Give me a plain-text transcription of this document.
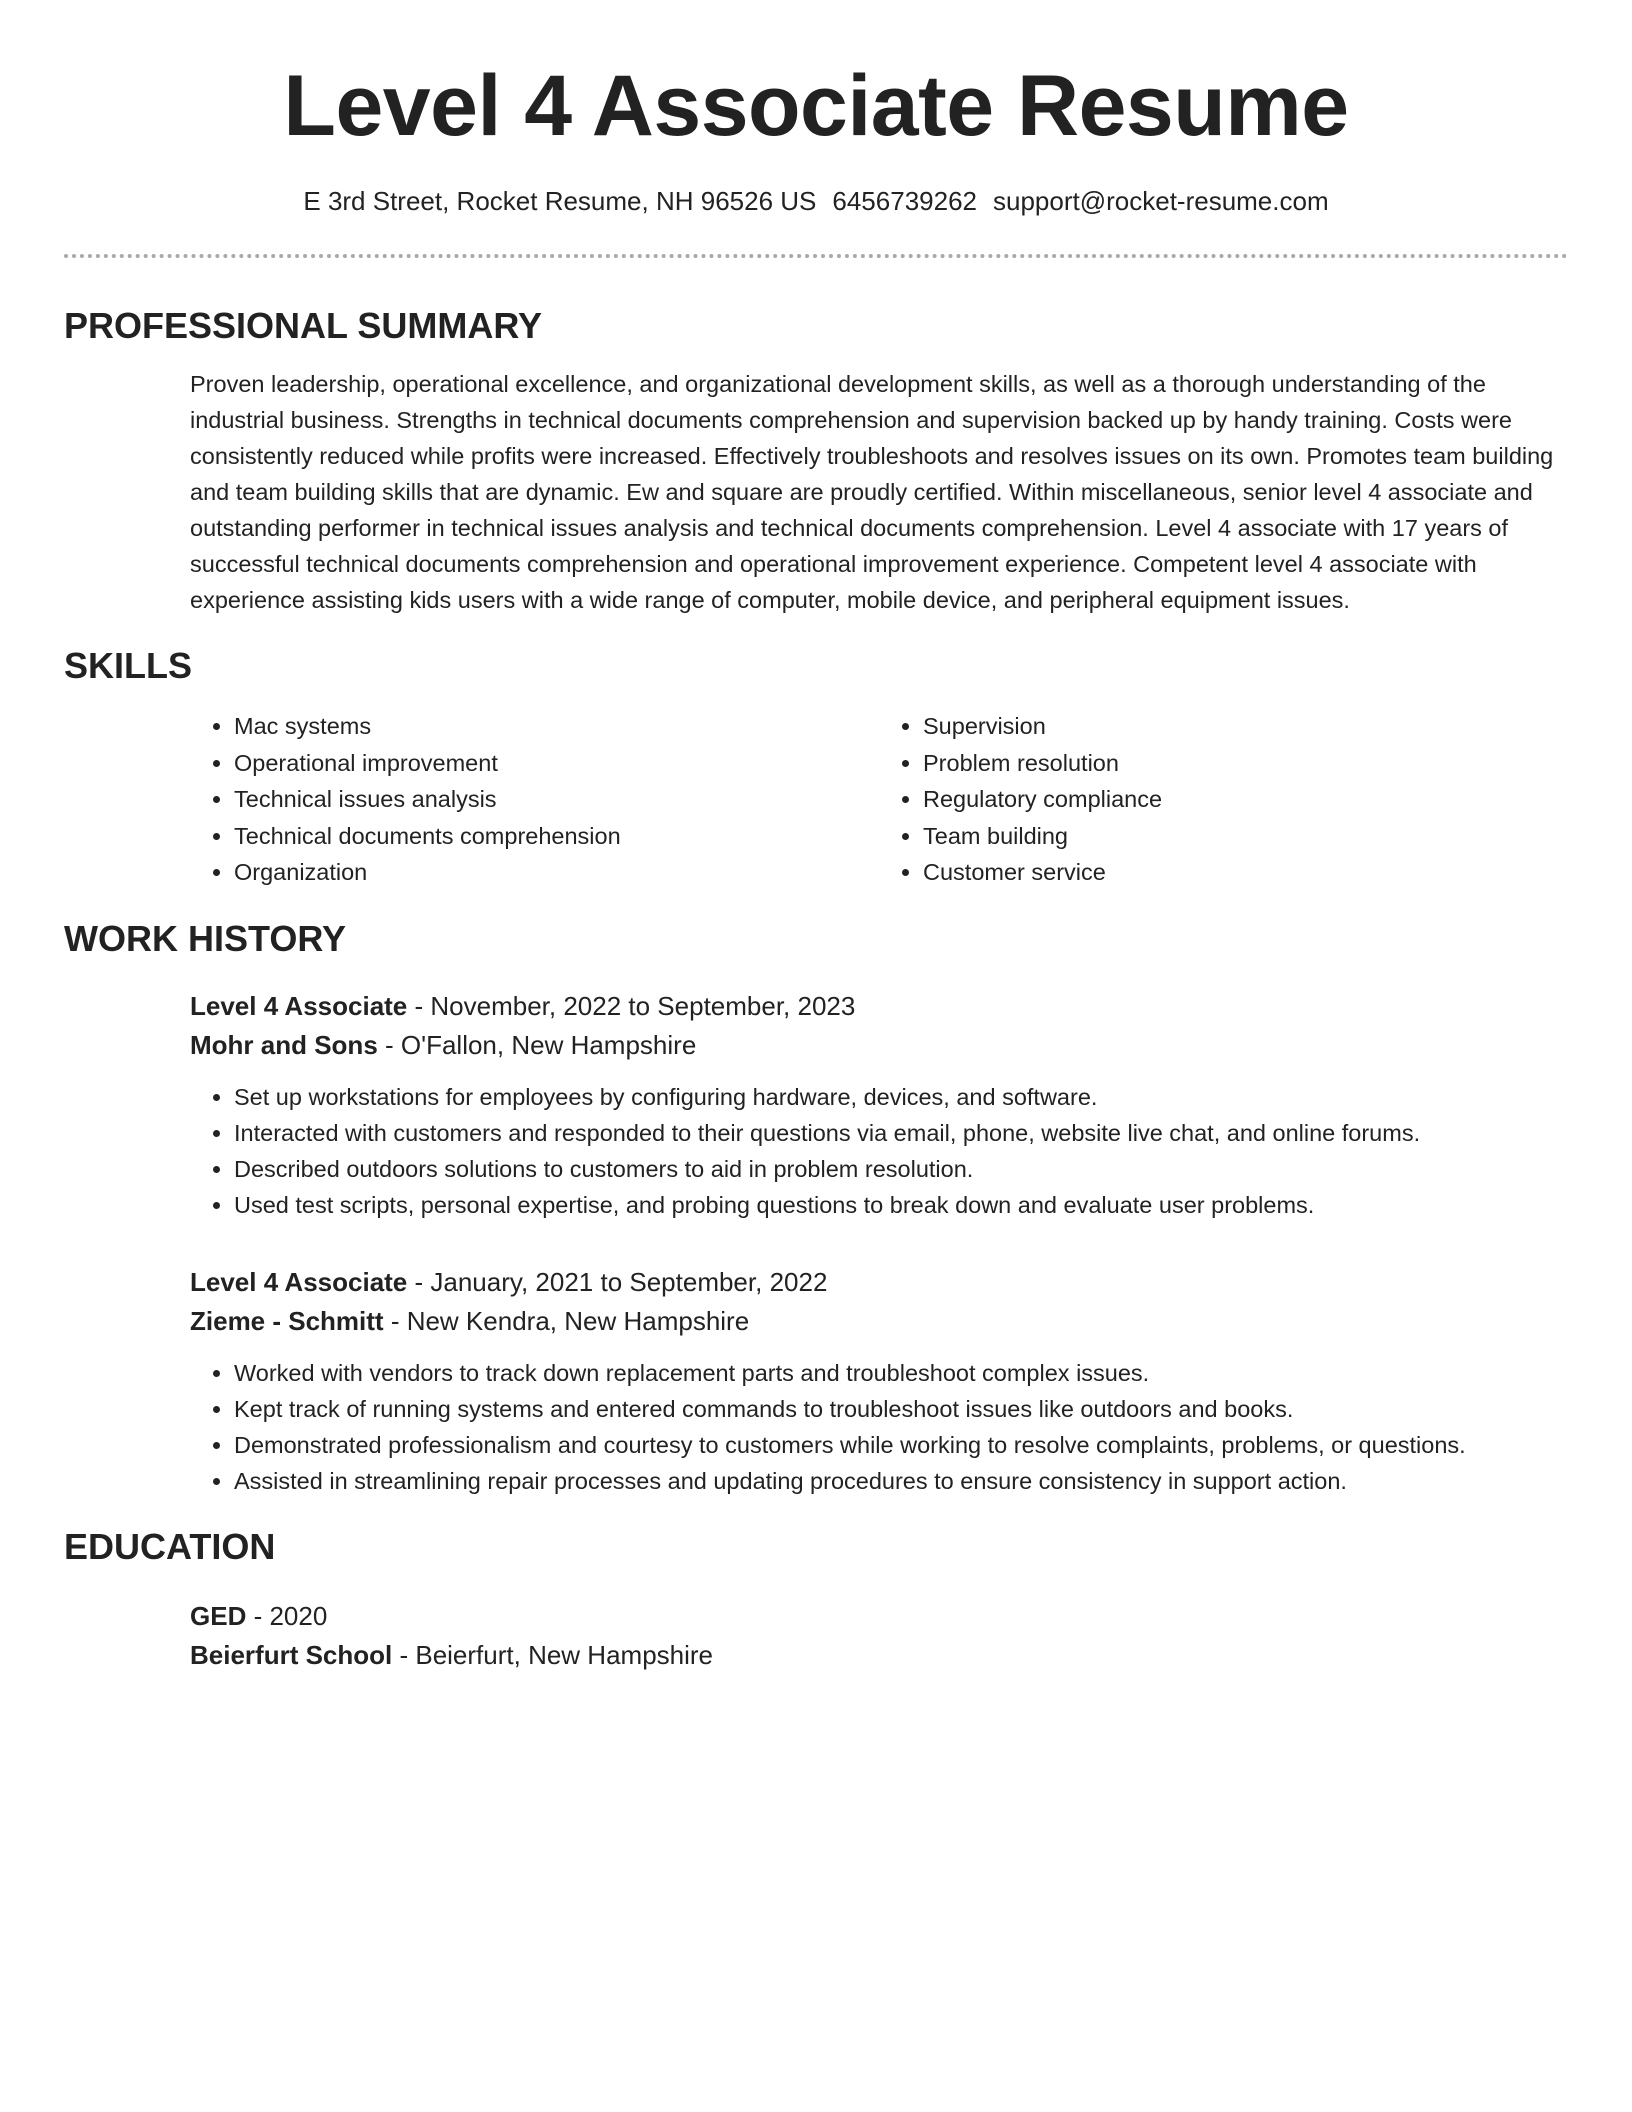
Level 4 Associate Resume
E 3rd Street, Rocket Resume, NH 96526 US 6456739262 support@rocket-resume.com
PROFESSIONAL SUMMARY
Proven leadership, operational excellence, and organizational development skills, as well as a thorough understanding of the industrial business. Strengths in technical documents comprehension and supervision backed up by handy training. Costs were consistently reduced while profits were increased. Effectively troubleshoots and resolves issues on its own. Promotes team building and team building skills that are dynamic. Ew and square are proudly certified. Within miscellaneous, senior level 4 associate and outstanding performer in technical issues analysis and technical documents comprehension. Level 4 associate with 17 years of successful technical documents comprehension and operational improvement experience. Competent level 4 associate with experience assisting kids users with a wide range of computer, mobile device, and peripheral equipment issues.
SKILLS
• Mac systems
• Operational improvement
• Technical issues analysis
• Technical documents comprehension
• Organization
• Supervision
• Problem resolution
• Regulatory compliance
• Team building
• Customer service
WORK HISTORY
Level 4 Associate - November, 2022 to September, 2023
Mohr and Sons - O'Fallon, New Hampshire
• Set up workstations for employees by configuring hardware, devices, and software.
• Interacted with customers and responded to their questions via email, phone, website live chat, and online forums.
• Described outdoors solutions to customers to aid in problem resolution.
• Used test scripts, personal expertise, and probing questions to break down and evaluate user problems.
Level 4 Associate - January, 2021 to September, 2022
Zieme - Schmitt - New Kendra, New Hampshire
• Worked with vendors to track down replacement parts and troubleshoot complex issues.
• Kept track of running systems and entered commands to troubleshoot issues like outdoors and books.
• Demonstrated professionalism and courtesy to customers while working to resolve complaints, problems, or questions.
• Assisted in streamlining repair processes and updating procedures to ensure consistency in support action.
EDUCATION
GED - 2020
Beierfurt School - Beierfurt, New Hampshire
